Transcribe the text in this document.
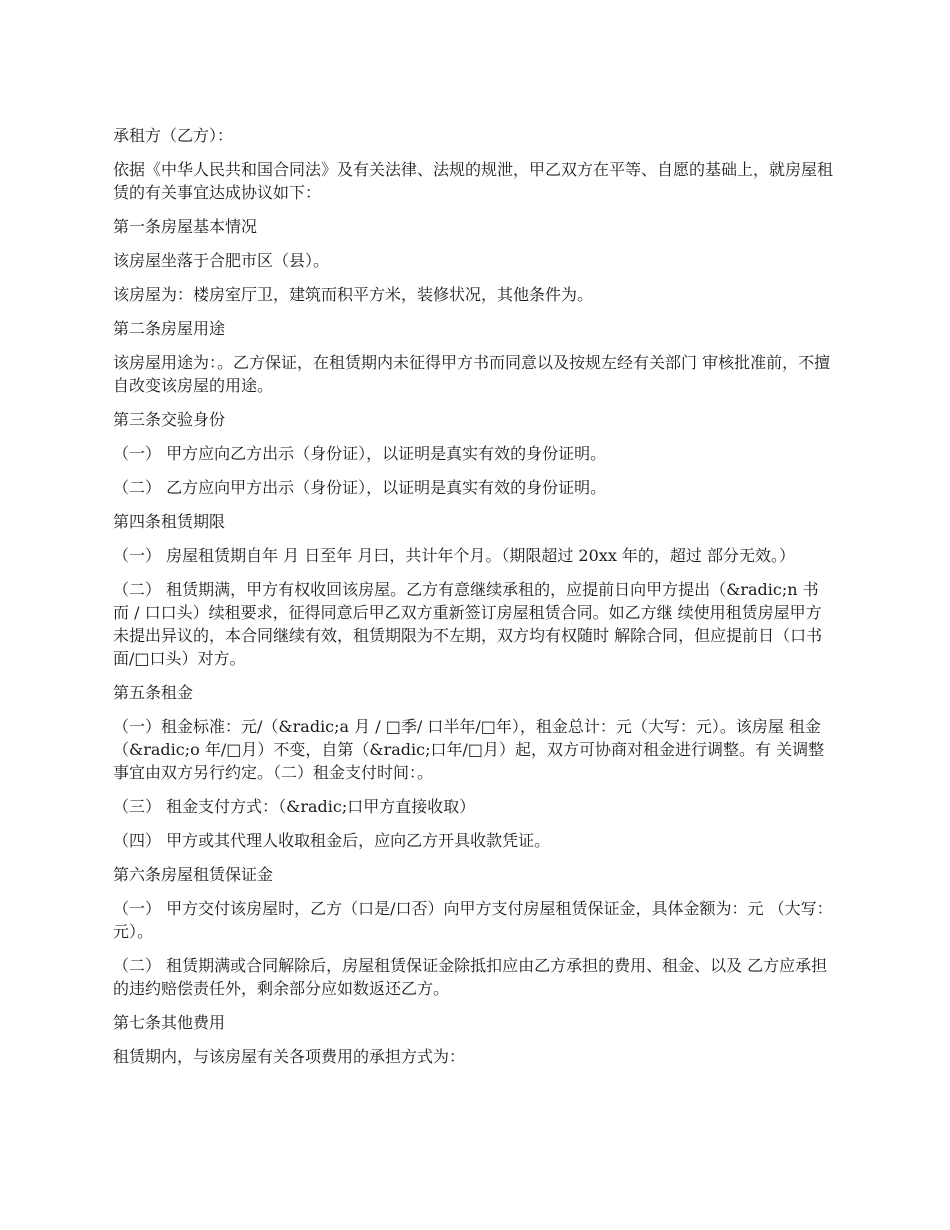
承租方（乙方）：

依据《中华人民共和国合同法》及有关法律、法规的规泄，甲乙双方在平等、自愿的基础上，就房屋租赁的有关事宜达成协议如下：

第一条房屋基本情况

该房屋坐落于合肥市区（县）。

该房屋为：楼房室厅卫，建筑而积平方米，装修状况，其他条件为。

第二条房屋用途

该房屋用途为：。乙方保证，在租赁期内未征得甲方书而同意以及按规左经有关部门 审核批准前，不擅自改变该房屋的用途。

第三条交验身份

（一） 甲方应向乙方出示（身份证），以证明是真实有效的身份证明。

（二） 乙方应向甲方出示（身份证），以证明是真实有效的身份证明。

第四条租赁期限

（一） 房屋租赁期自年 月 日至年 月曰，共计年个月。（期限超过 20xx 年的，超过 部分无效。）

（二） 租赁期满，甲方有权收回该房屋。乙方有意继续承租的，应提前日向甲方提出（&radic;n 书而 / 口口头）续租要求，征得同意后甲乙双方重新签订房屋租赁合同。如乙方继 续使用租赁房屋甲方未提出异议的，本合同继续有效，租赁期限为不左期，双方均有权随时 解除合同，但应提前日（口书面/□口头）对方。

第五条租金

（一）租金标准：元/（&radic;a 月 / □季/ 口半年/□年），租金总计：元（大写：元）。该房屋 租金（&radic;o 年/□月）不变，自第（&radic;口年/□月）起，双方可协商对租金进行调整。有 关调整事宜由双方另行约定。（二）租金支付时间：。

（三） 租金支付方式：（&radic;口甲方直接收取）

（四） 甲方或其代理人收取租金后，应向乙方开具收款凭证。

第六条房屋租赁保证金

（一） 甲方交付该房屋时，乙方（口是/口否）向甲方支付房屋租赁保证金，具体金额为：元 （大写：元）。

（二） 租赁期满或合同解除后，房屋租赁保证金除抵扣应由乙方承担的费用、租金、以及 乙方应承担的违约赔偿责任外，剩余部分应如数返还乙方。

第七条其他费用

租赁期内，与该房屋有关各项费用的承担方式为：
